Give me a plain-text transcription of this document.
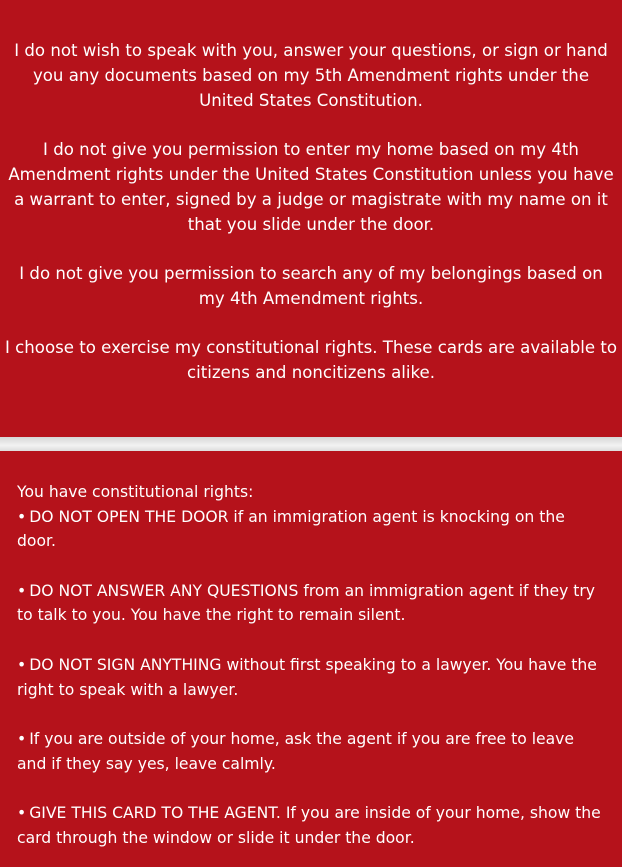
I do not wish to speak with you, answer your questions, or sign or hand you any documents based on my 5th Amendment rights under the United States Constitution.

I do not give you permission to enter my home based on my 4th Amendment rights under the United States Constitution unless you have a warrant to enter, signed by a judge or magistrate with my name on it that you slide under the door.

I do not give you permission to search any of my belongings based on my 4th Amendment rights.

I choose to exercise my constitutional rights. These cards are available to citizens and noncitizens alike.

You have constitutional rights:

• DO NOT OPEN THE DOOR if an immigration agent is knocking on the door.
• DO NOT ANSWER ANY QUESTIONS from an immigration agent if they try to talk to you. You have the right to remain silent.
• DO NOT SIGN ANYTHING without first speaking to a lawyer. You have the right to speak with a lawyer.
• If you are outside of your home, ask the agent if you are free to leave and if they say yes, leave calmly.
• GIVE THIS CARD TO THE AGENT. If you are inside of your home, show the card through the window or slide it under the door.
